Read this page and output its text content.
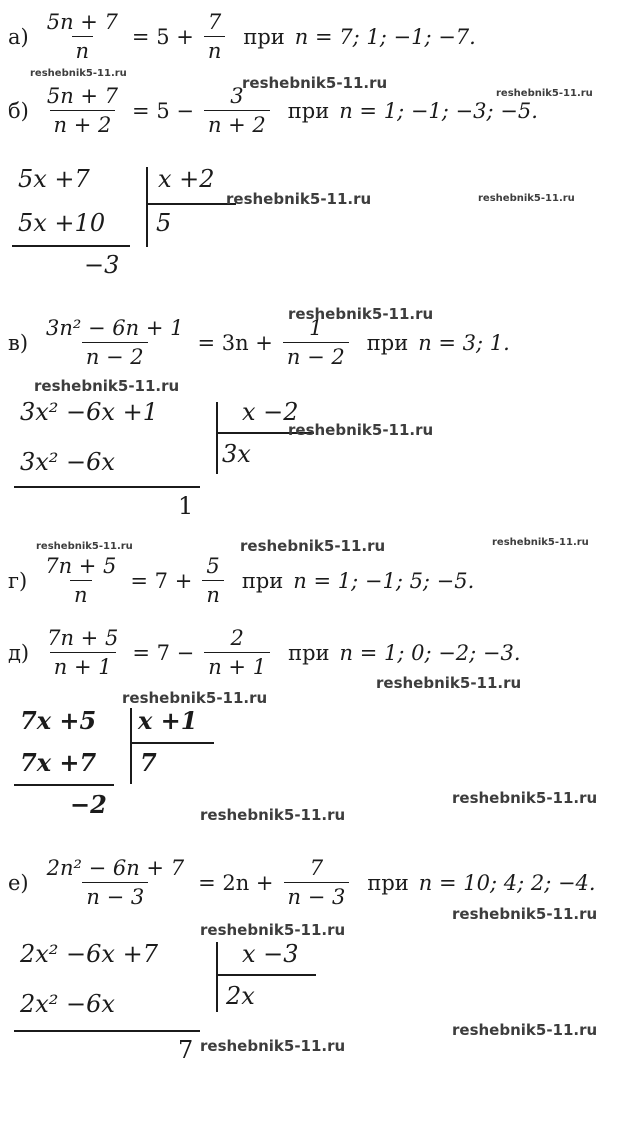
$а) \frac{5n + 7}{n} = 5 + \frac{7}{n}$ при n = 7; 1; −1; −7.
$б) \frac{5n + 7}{n + 2} = 5 - \frac{3}{n + 2}$ при n = 1; −1; −3; −5.
5x +7	x +2
5x +10 5
−3
$в) \frac{\text{3n² − 6n + 1}}{n - 2} = 3n + \frac{1}{n - 2}$ при n = 3; 1.
3x² −6x +1	x −2
3x² −6x	3x
1
$г) \frac{7n + 5}{n} = 7 + \frac{5}{n}$ при n = 1; −1; 5; −5.
$д) \frac{7n + 5}{n + 1} = 7 - \frac{2}{n + 1}$ при n = 1; 0; −2; −3.
7x +5 x +1
7x +7 7
−2
$е) \frac{\text{2n² − 6n + 7}}{n - 3} = 2n + \frac{7}{n - 3}$ при n = 10; 4; 2; −4.
2x² −6x +7	x −3
2x² −6x	2x
7
reshebnik5-11.ru
reshebnik5-11.ru
reshebnik5-11.ru
reshebnik5-11.ru	reshebnik5-11.ru
reshebnik5-11.ru
reshebnik5-11.ru
reshebnik5-11.ru
reshebnik5-11.ru	reshebnik5-11.ru	reshebnik5-11.ru
reshebnik5-11.ru
reshebnik5-11.ru
reshebnik5-11.ru
reshebnik5-11.ru
reshebnik5-11.ru
reshebnik5-11.ru
reshebnik5-11.ru
reshebnik5-11.ru
